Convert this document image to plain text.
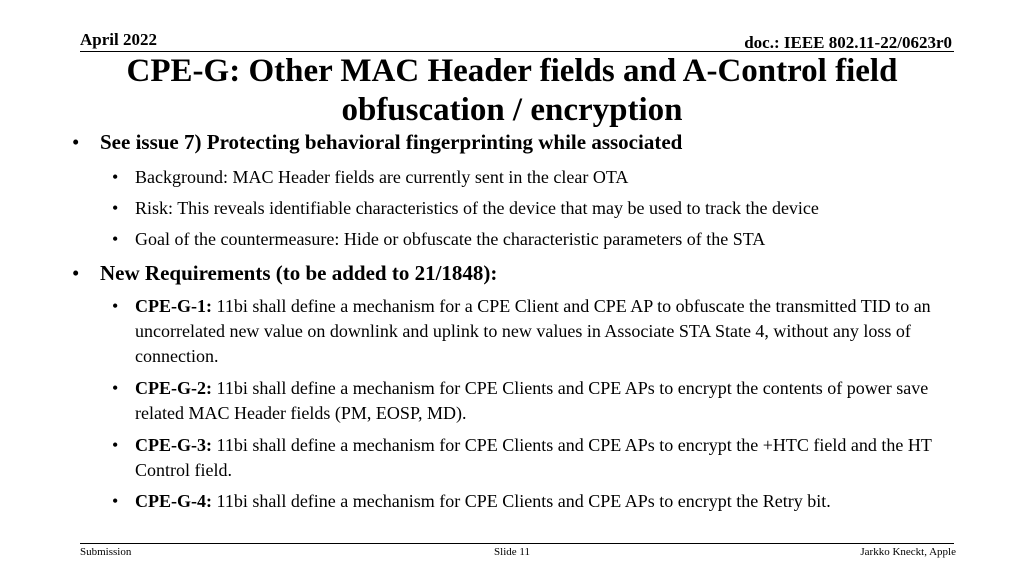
April 2022	doc.: IEEE 802.11-22/0623r0
CPE-G: Other MAC Header fields and A-Control field obfuscation / encryption
• See issue 7) Protecting behavioral fingerprinting while associated
• Background: MAC Header fields are currently sent in the clear OTA
• Risk: This reveals identifiable characteristics of the device that may be used to track the device
• Goal of the countermeasure: Hide or obfuscate the characteristic parameters of the STA
• New Requirements (to be added to 21/1848):
• CPE-G-1: 11bi shall define a mechanism for a CPE Client and CPE AP to obfuscate the transmitted TID to an uncorrelated new value on downlink and uplink to new values in Associate STA State 4, without any loss of connection.
• CPE-G-2: 11bi shall define a mechanism for CPE Clients and CPE APs to encrypt the contents of power save related MAC Header fields (PM, EOSP, MD).
• CPE-G-3: 11bi shall define a mechanism for CPE Clients and CPE APs to encrypt the +HTC field and the HT Control field.
• CPE-G-4: 11bi shall define a mechanism for CPE Clients and CPE APs to encrypt the Retry bit.
Submission	Slide 11	Jarkko Kneckt, Apple
